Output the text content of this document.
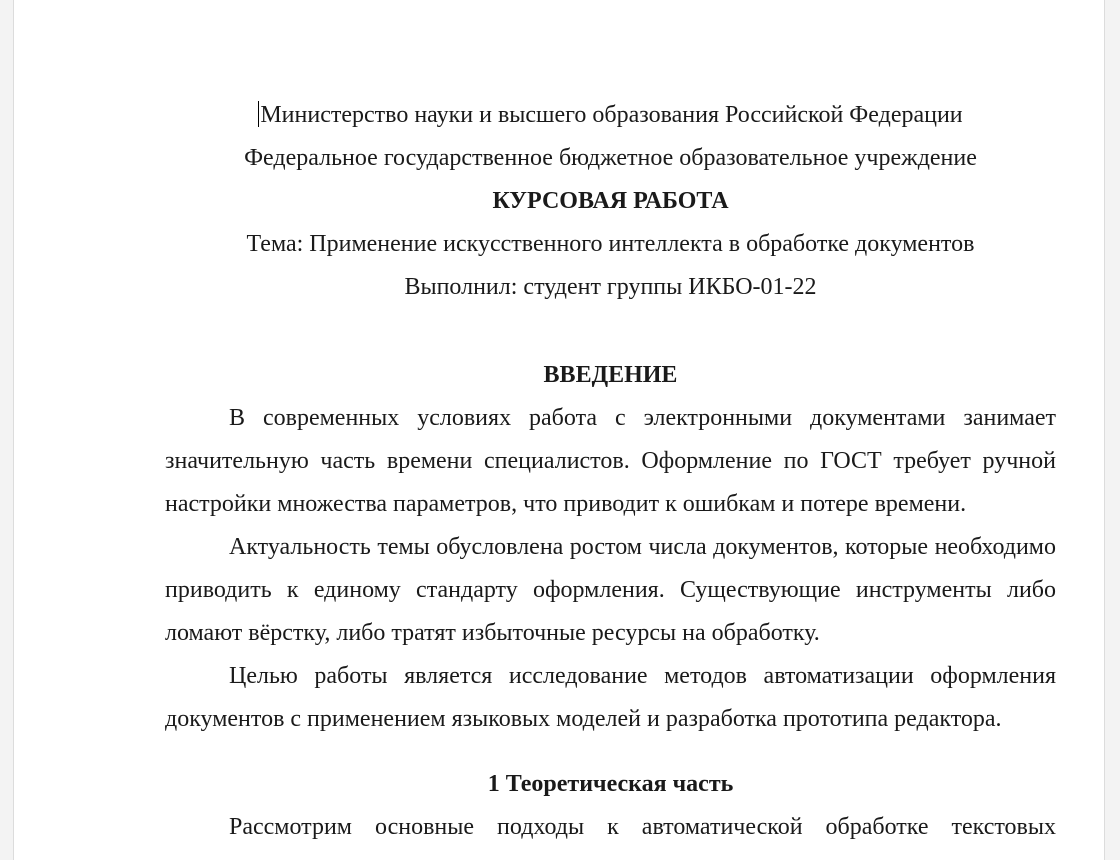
Министерство науки и высшего образования Российской Федерации

Федеральное государственное бюджетное образовательное учреждение

КУРСОВАЯ РАБОТА

Тема: Применение искусственного интеллекта в обработке документов

Выполнил: студент группы ИКБО-01-22

ВВЕДЕНИЕ

В современных условиях работа с электронными документами занимает значительную часть времени специалистов. Оформление по ГОСТ требует ручной настройки множества параметров, что приводит к ошибкам и потере времени.

Актуальность темы обусловлена ростом числа документов, которые необходимо приводить к единому стандарту оформления. Существующие инструменты либо ломают вёрстку, либо тратят избыточные ресурсы на обработку.

Целью работы является исследование методов автоматизации оформления документов с применением языковых моделей и разработка прототипа редактора.

1 Теоретическая часть

Рассмотрим основные подходы к автоматической обработке текстовых
